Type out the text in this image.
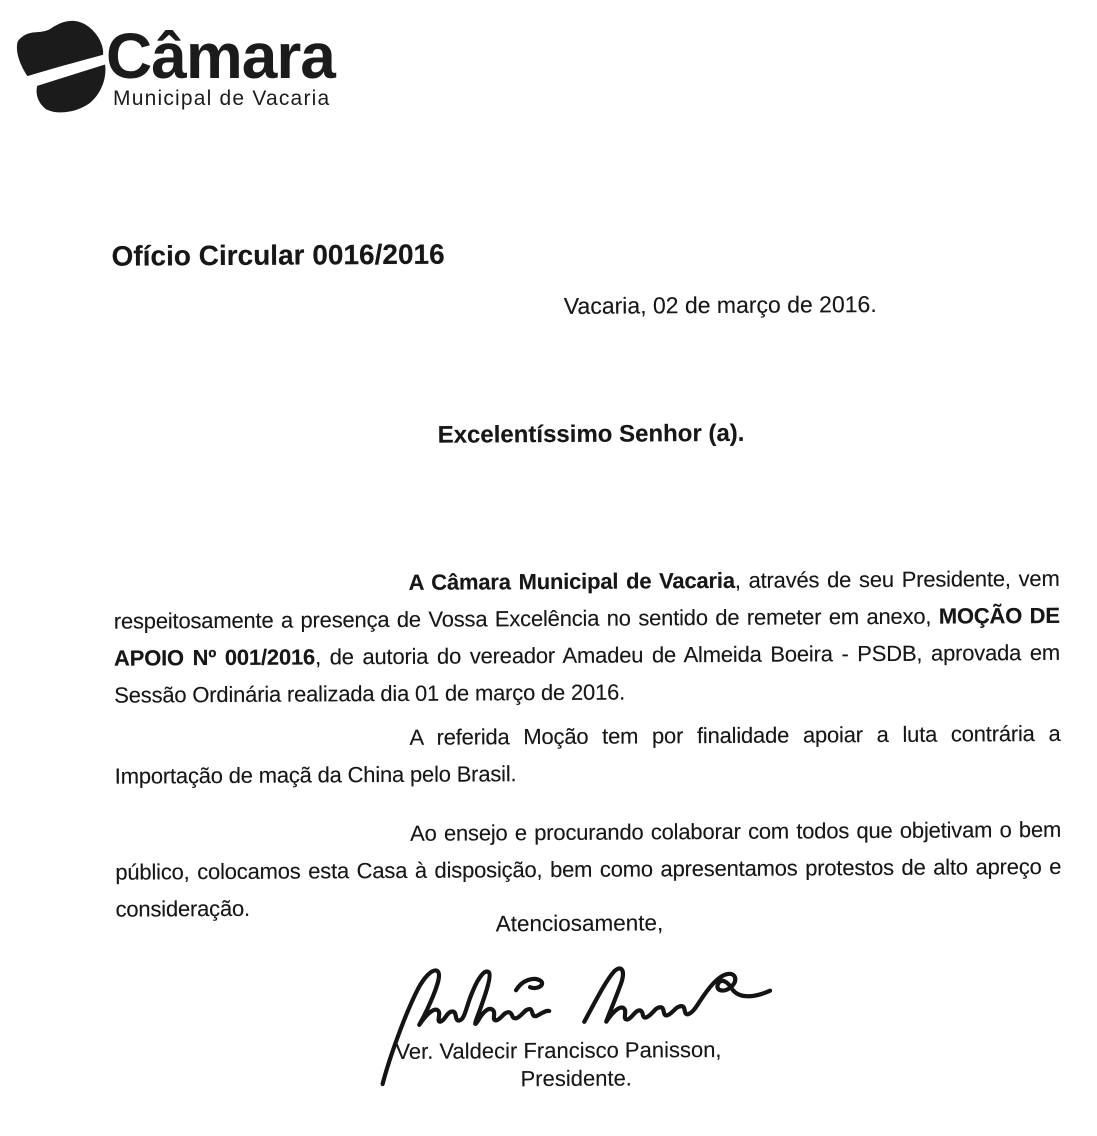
Câmara
Municipal de Vacaria
Ofício Circular 0016/2016
Vacaria, 02 de março de 2016.
Excelentíssimo Senhor (a).

A Câmara Municipal de Vacaria, através de seu Presidente, vem respeitosamente a presença de Vossa Excelência no sentido de remeter em anexo, MOÇÃO DE APOIO Nº 001/2016, de autoria do vereador Amadeu de Almeida Boeira - PSDB, aprovada em Sessão Ordinária realizada dia 01 de março de 2016.

A referida Moção tem por finalidade apoiar a luta contrária a Importação de maçã da China pelo Brasil.

Ao ensejo e procurando colaborar com todos que objetivam o bem público, colocamos esta Casa à disposição, bem como apresentamos protestos de alto apreço e consideração.

Atenciosamente,
Ver. Valdecir Francisco Panisson,
Presidente.
